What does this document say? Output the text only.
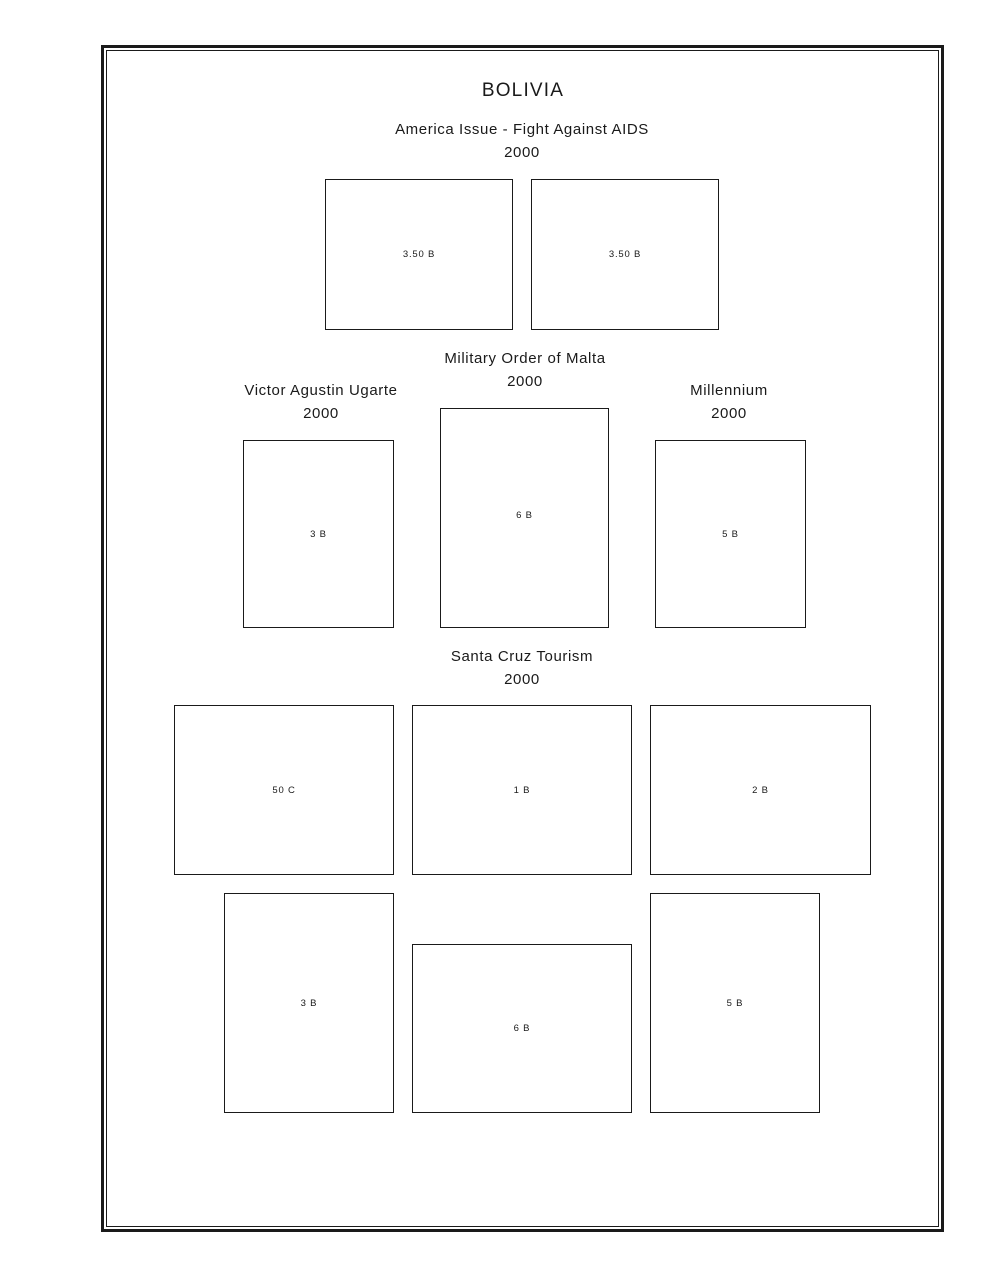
BOLIVIA
America Issue - Fight Against AIDS
2000
3.50 B	3.50 B
Victor Agustin Ugarte
2000
3 B
Military Order of Malta
2000
6 B
Millennium
2000
5 B
Santa Cruz Tourism
2000
50 C	1 B	2 B
3 B
6 B
5 B
